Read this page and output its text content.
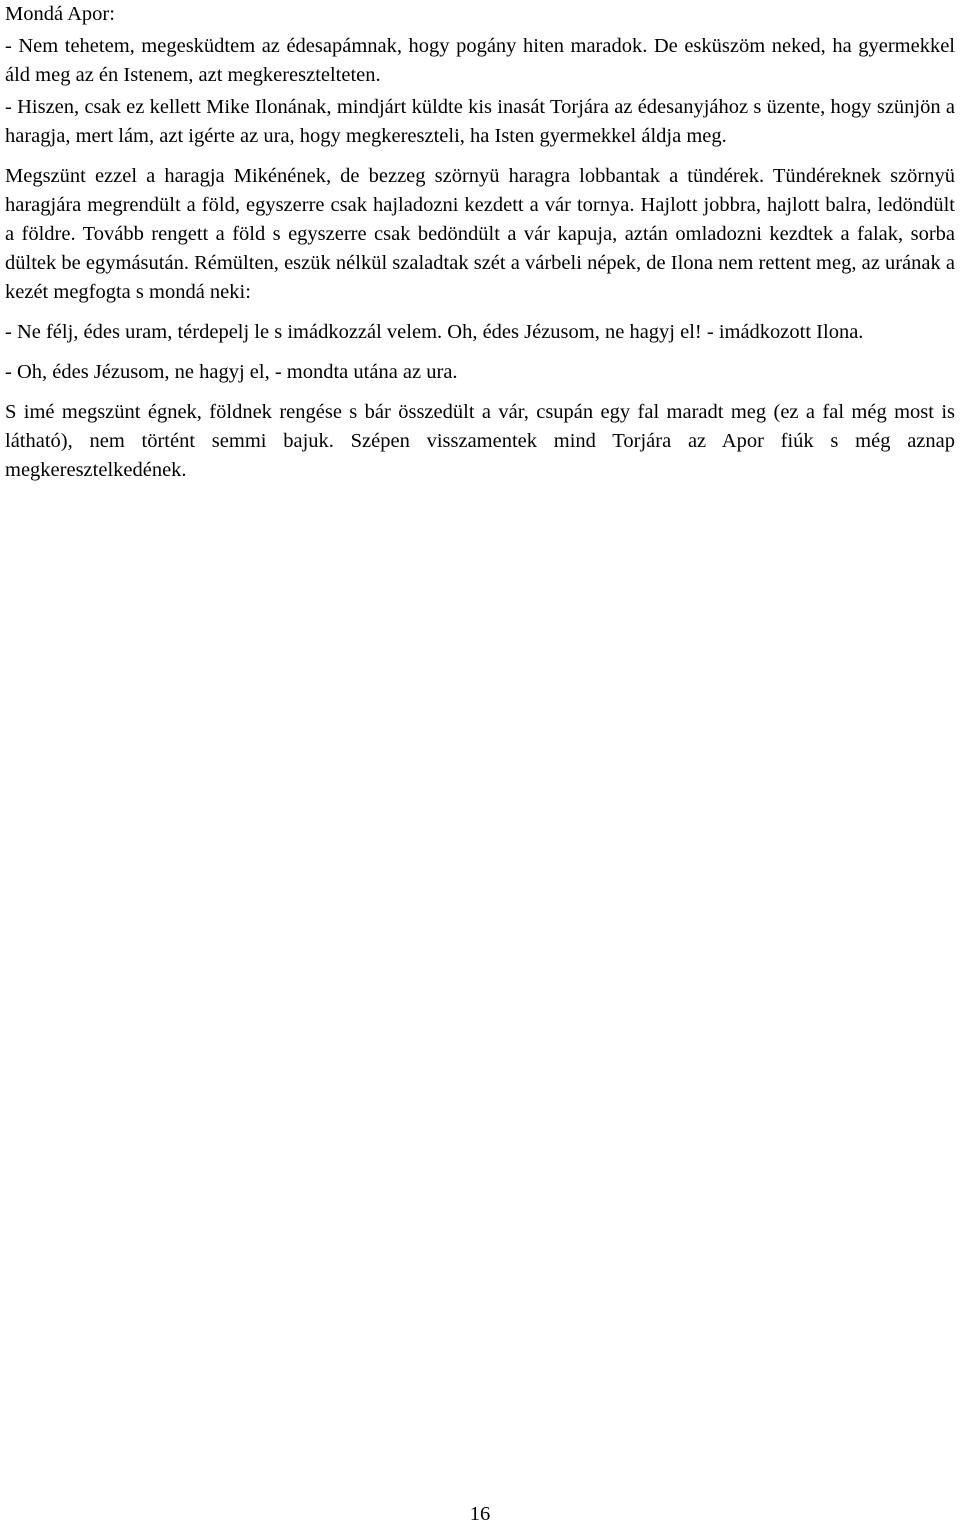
Mondá Apor:

- Nem tehetem, megesküdtem az édesapámnak, hogy pogány hiten maradok. De esküszöm neked, ha gyermekkel áld meg az én Istenem, azt megkeresztelteten.

- Hiszen, csak ez kellett Mike Ilonának, mindjárt küldte kis inasát Torjára az édesanyjához s üzente, hogy szünjön a haragja, mert lám, azt igérte az ura, hogy megkereszteli, ha Isten gyermekkel áldja meg.

Megszünt ezzel a haragja Mikénének, de bezzeg szörnyü haragra lobbantak a tündérek. Tündéreknek szörnyü haragjára megrendült a föld, egyszerre csak hajladozni kezdett a vár tornya. Hajlott jobbra, hajlott balra, ledöndült a földre. Tovább rengett a föld s egyszerre csak bedöndült a vár kapuja, aztán omladozni kezdtek a falak, sorba dültek be egymásután. Rémülten, eszük nélkül szaladtak szét a várbeli népek, de Ilona nem rettent meg, az urának a kezét megfogta s mondá neki:

- Ne félj, édes uram, térdepelj le s imádkozzál velem. Oh, édes Jézusom, ne hagyj el! - imádkozott Ilona.

- Oh, édes Jézusom, ne hagyj el, - mondta utána az ura.

S imé megszünt égnek, földnek rengése s bár összedült a vár, csupán egy fal maradt meg (ez a fal még most is látható), nem történt semmi bajuk. Szépen visszamentek mind Torjára az Apor fiúk s még aznap megkeresztelkedének.

16
